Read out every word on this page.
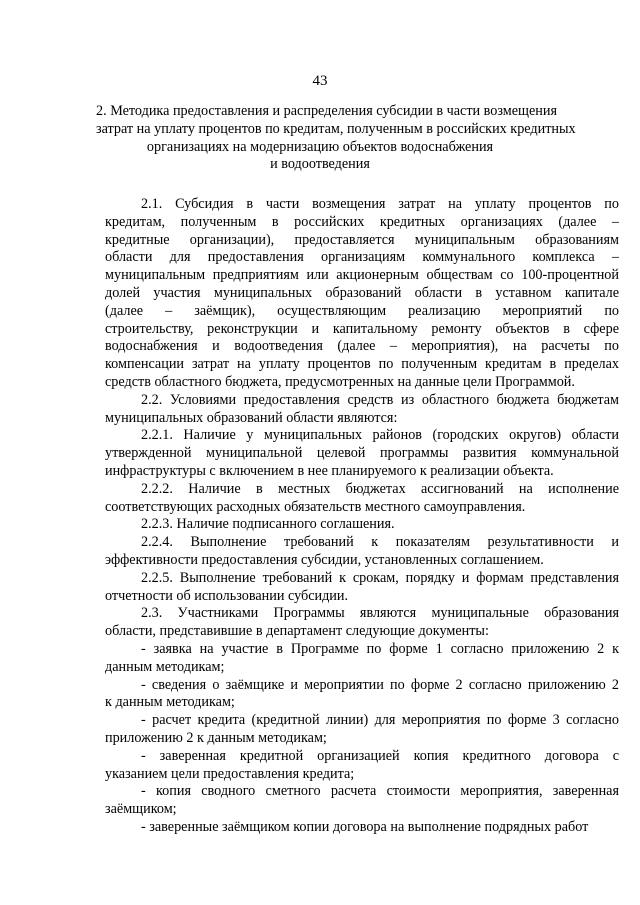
43
2. Методика предоставления и распределения субсидии в части возмещения
затрат на уплату процентов по кредитам, полученным в российских кредитных
организациях на модернизацию объектов водоснабжения
и водоотведения
2.1. Субсидия в части возмещения затрат на уплату процентов по
кредитам, полученным в российских кредитных организациях (далее –
кредитные организации), предоставляется муниципальным образованиям
области для предоставления организациям коммунального комплекса –
муниципальным предприятиям или акционерным обществам со 100-процентной
долей участия муниципальных образований области в уставном капитале
(далее – заёмщик), осуществляющим реализацию мероприятий по
строительству, реконструкции и капитальному ремонту объектов в сфере
водоснабжения и водоотведения (далее – мероприятия), на расчеты по
компенсации затрат на уплату процентов по полученным кредитам в пределах
средств областного бюджета, предусмотренных на данные цели Программой.
2.2. Условиями предоставления средств из областного бюджета бюджетам
муниципальных образований области являются:
2.2.1. Наличие у муниципальных районов (городских округов) области
утвержденной муниципальной целевой программы развития коммунальной
инфраструктуры с включением в нее планируемого к реализации объекта.
2.2.2. Наличие в местных бюджетах ассигнований на исполнение
соответствующих расходных обязательств местного самоуправления.
2.2.3. Наличие подписанного соглашения.
2.2.4. Выполнение требований к показателям результативности и
эффективности предоставления субсидии, установленных соглашением.
2.2.5. Выполнение требований к срокам, порядку и формам представления
отчетности об использовании субсидии.
2.3. Участниками Программы являются муниципальные образования
области, представившие в департамент следующие документы:
- заявка на участие в Программе по форме 1 согласно приложению 2 к
данным методикам;
- сведения о заёмщике и мероприятии по форме 2 согласно приложению 2
к данным методикам;
- расчет кредита (кредитной линии) для мероприятия по форме 3 согласно
приложению 2 к данным методикам;
- заверенная кредитной организацией копия кредитного договора с
указанием цели предоставления кредита;
- копия сводного сметного расчета стоимости мероприятия, заверенная
заёмщиком;
- заверенные заёмщиком копии договора на выполнение подрядных работ
